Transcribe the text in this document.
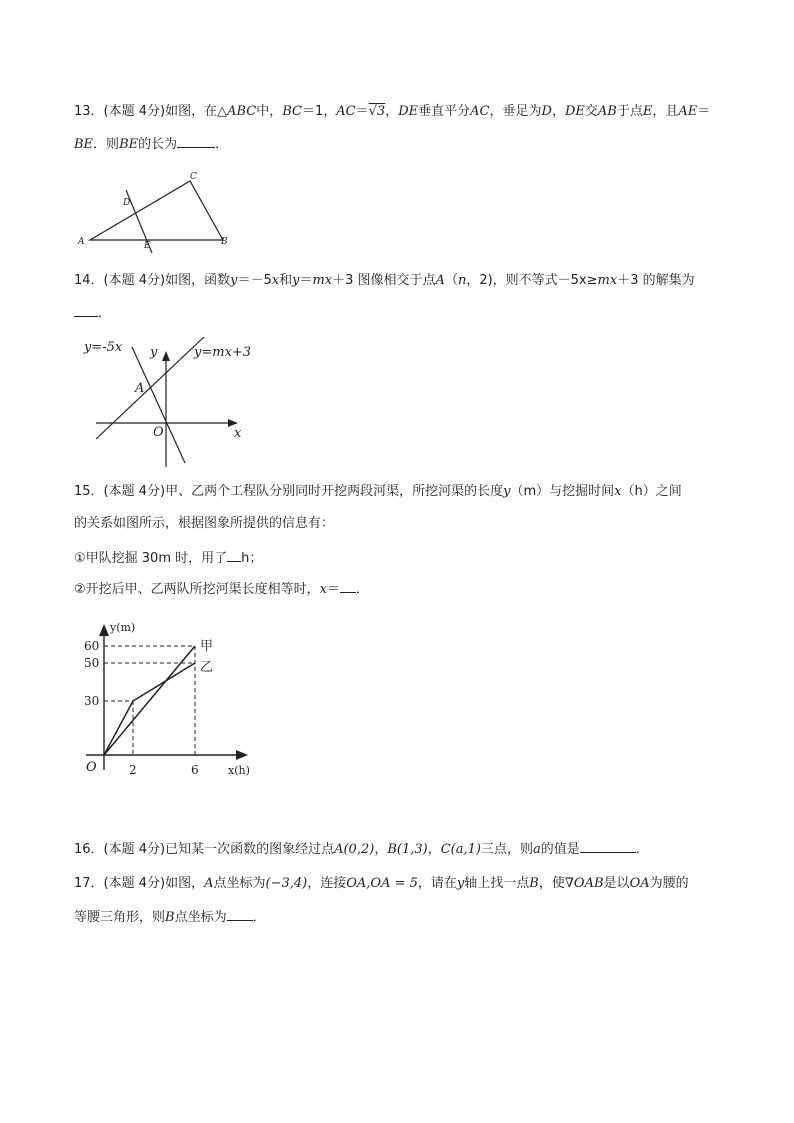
13．(本题 4分)如图，在△ABC中，BC＝1，AC＝√3，DE垂直平分AC，垂足为D，DE交AB于点E，且AE＝
BE．则BE的长为	．
A	B
C
D
E
14．(本题 4分)如图，函数y＝－5x和y＝mx＋3 图像相交于点A（n，2)，则不等式－5x≥mx＋3 的解集为
．
y=-5x	y=mx+3
y
x
O
A
15．(本题 4分)甲、乙两个工程队分别同时开挖两段河渠，所挖河渠的长度y（m）与挖掘时间x（h）之间
的关系如图所示，根据图象所提供的信息有：
①甲队挖掘 30m 时，用了 h；
②开挖后甲、乙两队所挖河渠长度相等时，x＝ ．
y(m)
x(h)
O
60
50
30
2	6
甲
乙
16．(本题 4分)已知某一次函数的图象经过点A(0,2)，B(1,3)，C(a,1)三点，则a的值是	．
17．(本题 4分)如图，A点坐标为(−3,4)，连接OA,OA = 5，请在y轴上找一点B，使∇OAB是以OA为腰的
等腰三角形，则B点坐标为 ．
